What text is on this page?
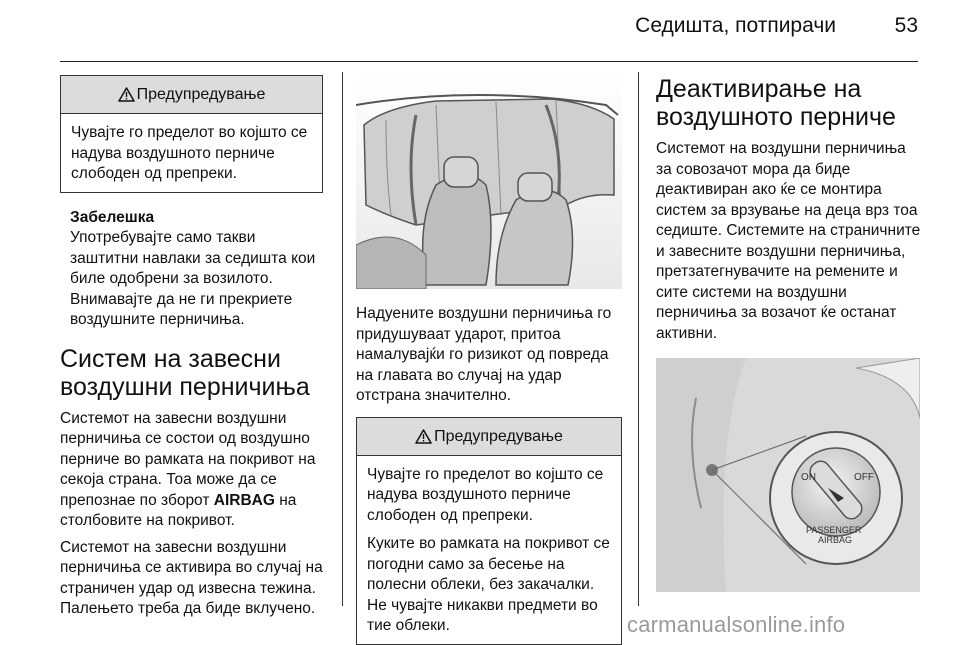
Седишта, потпирачи	53
Предупредување

Чувајте го пределот во којшто се надува воздушното перниче слободен од препреки.

Забелешка
Употребувајте само такви заштитни навлаки за седишта кои биле одобрени за возилото. Внимавајте да не ги прекриете воздушните перничиња.
Систем на завесни воздушни перничиња

Системот на завесни воздушни перничиња се состои од воздушно перниче во рамката на покривот на секоја страна. Тоа може да се препознае по зборот AIRBAG на столбовите на покривот.

Системот на завесни воздушни перничиња се активира во случај на страничен удар од извесна тежина. Палењето треба да биде вклучено.

Надуените воздушни перничиња го придушуваат ударот, притоа намалувајќи го ризикот од повреда на главата во случај на удар отстрана значително.

Предупредување

Чувајте го пределот во којшто се надува воздушното перниче слободен од препреки.

Куките во рамката на покривот се погодни само за бесење на полесни облеки, без закачалки. Не чувајте никакви предмети во тие облеки.

Деактивирање на воздушното перниче

Системот на воздушни перничиња за совозачот мора да биде деактивиран ако ќе се монтира систем за врзување на деца врз тоа седиште. Системите на страничните и завесните воздушни перничиња, претзатегнувачите на ремените и сите системи на воздушни перничиња за возачот ќе останат активни.

ON	OFF
PASSENGER
AIRBAG
carmanualsonline.info
